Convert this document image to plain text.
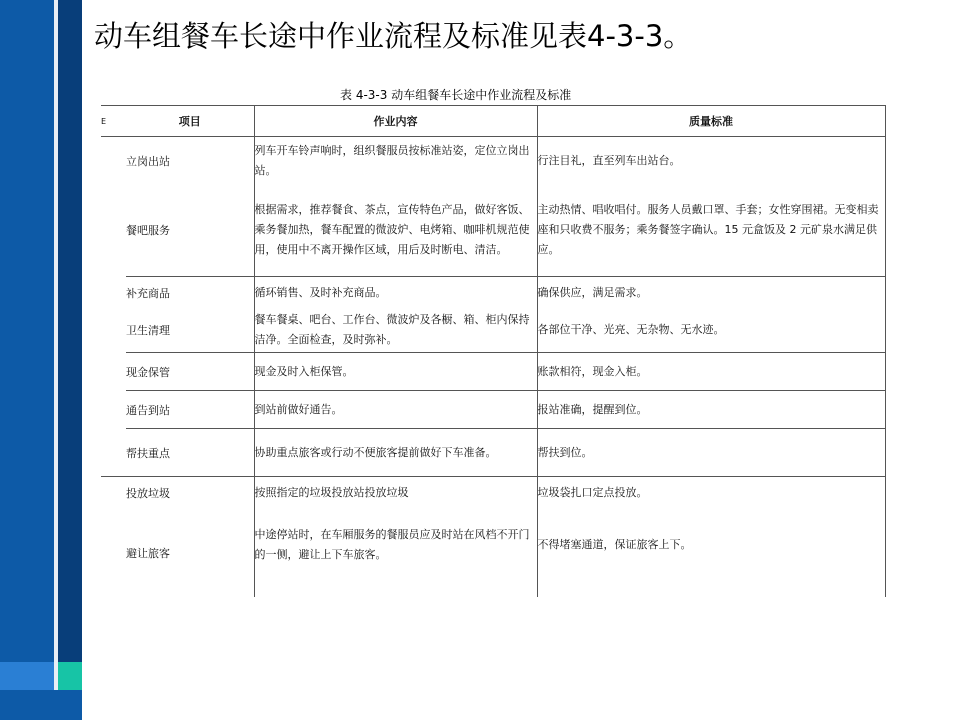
动车组餐车长途中作业流程及标准见表4-3-3。
表 4-3-3 动车组餐车长途中作业流程及标准
E	项目	作业内容	质量标准
	立岗出站	列车开车铃声响时，组织餐服员按标准站姿，定位立岗出站。	行注目礼，直至列车出站台。
	餐吧服务	根据需求，推荐餐食、茶点，宣传特色产品，做好客饭、乘务餐加热，餐车配置的微波炉、电烤箱、咖啡机规范使用，使用中不离开操作区域，用后及时断电、清洁。	主动热情、唱收唱付。服务人员戴口罩、手套；女性穿围裙。无变相卖座和只收费不服务；乘务餐签字确认。15 元盒饭及 2 元矿泉水满足供应。
	补充商品	循环销售、及时补充商品。	确保供应，满足需求。
	卫生清理	餐车餐桌、吧台、工作台、微波炉及各橱、箱、柜内保持洁净。全面检查，及时弥补。	各部位干净、光亮、无杂物、无水迹。
	现金保管	现金及时入柜保管。	账款相符，现金入柜。
	通告到站	到站前做好通告。	报站准确，提醒到位。
	帮扶重点	协助重点旅客或行动不便旅客提前做好下车准备。	帮扶到位。
	投放垃圾	按照指定的垃圾投放站投放垃圾	垃圾袋扎口定点投放。
	避让旅客	中途停站时，在车厢服务的餐服员应及时站在风档不开门的一侧，避让上下车旅客。	不得堵塞通道，保证旅客上下。
